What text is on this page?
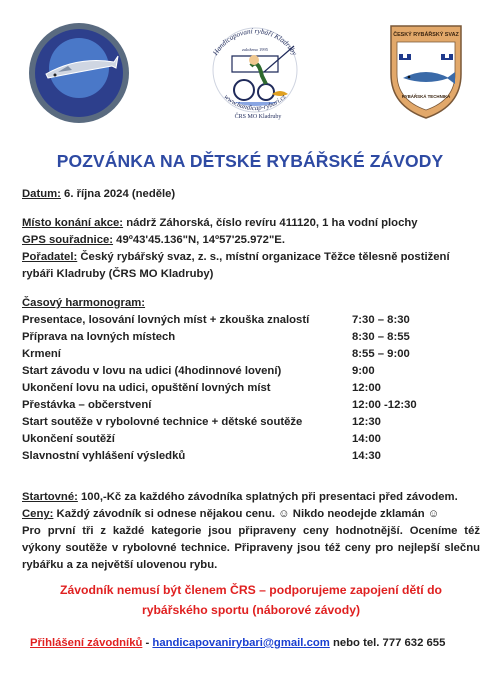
ČESKÝ RYBÁŘSKÝ SVAZ
Handicapovaní rybáři Kladruby
založeno 1995
www.handicap-rybari.cz
ČRS MO Kladruby
ČESKÝ RYBÁŘSKÝ SVAZ
RYBÁŘSKÁ TECHNIKA
POZVÁNKA NA DĚTSKÉ RYBÁŘSKÉ ZÁVODY
Datum: 6. října 2024 (neděle)
Místo konání akce: nádrž Záhorská, číslo revíru 411120, 1 ha vodní plochy
GPS souřadnice: 49º43'45.136"N, 14º57'25.972"E.
Pořadatel: Český rybářský svaz, z. s., místní organizace Těžce tělesně postižení
rybáři Kladruby (ČRS MO Kladruby)
Časový harmonogram:
Presentace, losování lovných míst + zkouška znalostí	7:30 – 8:30
Příprava na lovných místech	8:30 – 8:55
Krmení	8:55 – 9:00
Start závodu v lovu na udici (4hodinnové lovení)	9:00
Ukončení lovu na udici, opuštění lovných míst	12:00
Přestávka – občerstvení	12:00 -12:30
Start soutěže v rybolovné technice + dětské soutěže	12:30
Ukončení soutěží	14:00
Slavnostní vyhlášení výsledků	14:30
Startovné: 100,-Kč za každého závodníka splatných při presentaci před závodem.
Ceny: Každý závodník si odnese nějakou cenu. ☺ Nikdo neodejde zklamán ☺
Pro první tři z každé kategorie jsou připraveny ceny hodnotnější. Oceníme též výkony soutěže v rybolovné technice. Připraveny jsou též ceny pro nejlepší slečnu rybářku a za největší ulovenou rybu.
Závodník nemusí být členem ČRS – podporujeme zapojení dětí do
rybářského sportu (náborové závody)
Přihlášení závodníků - handicapovanirybari@gmail.com nebo tel. 777 632 655
